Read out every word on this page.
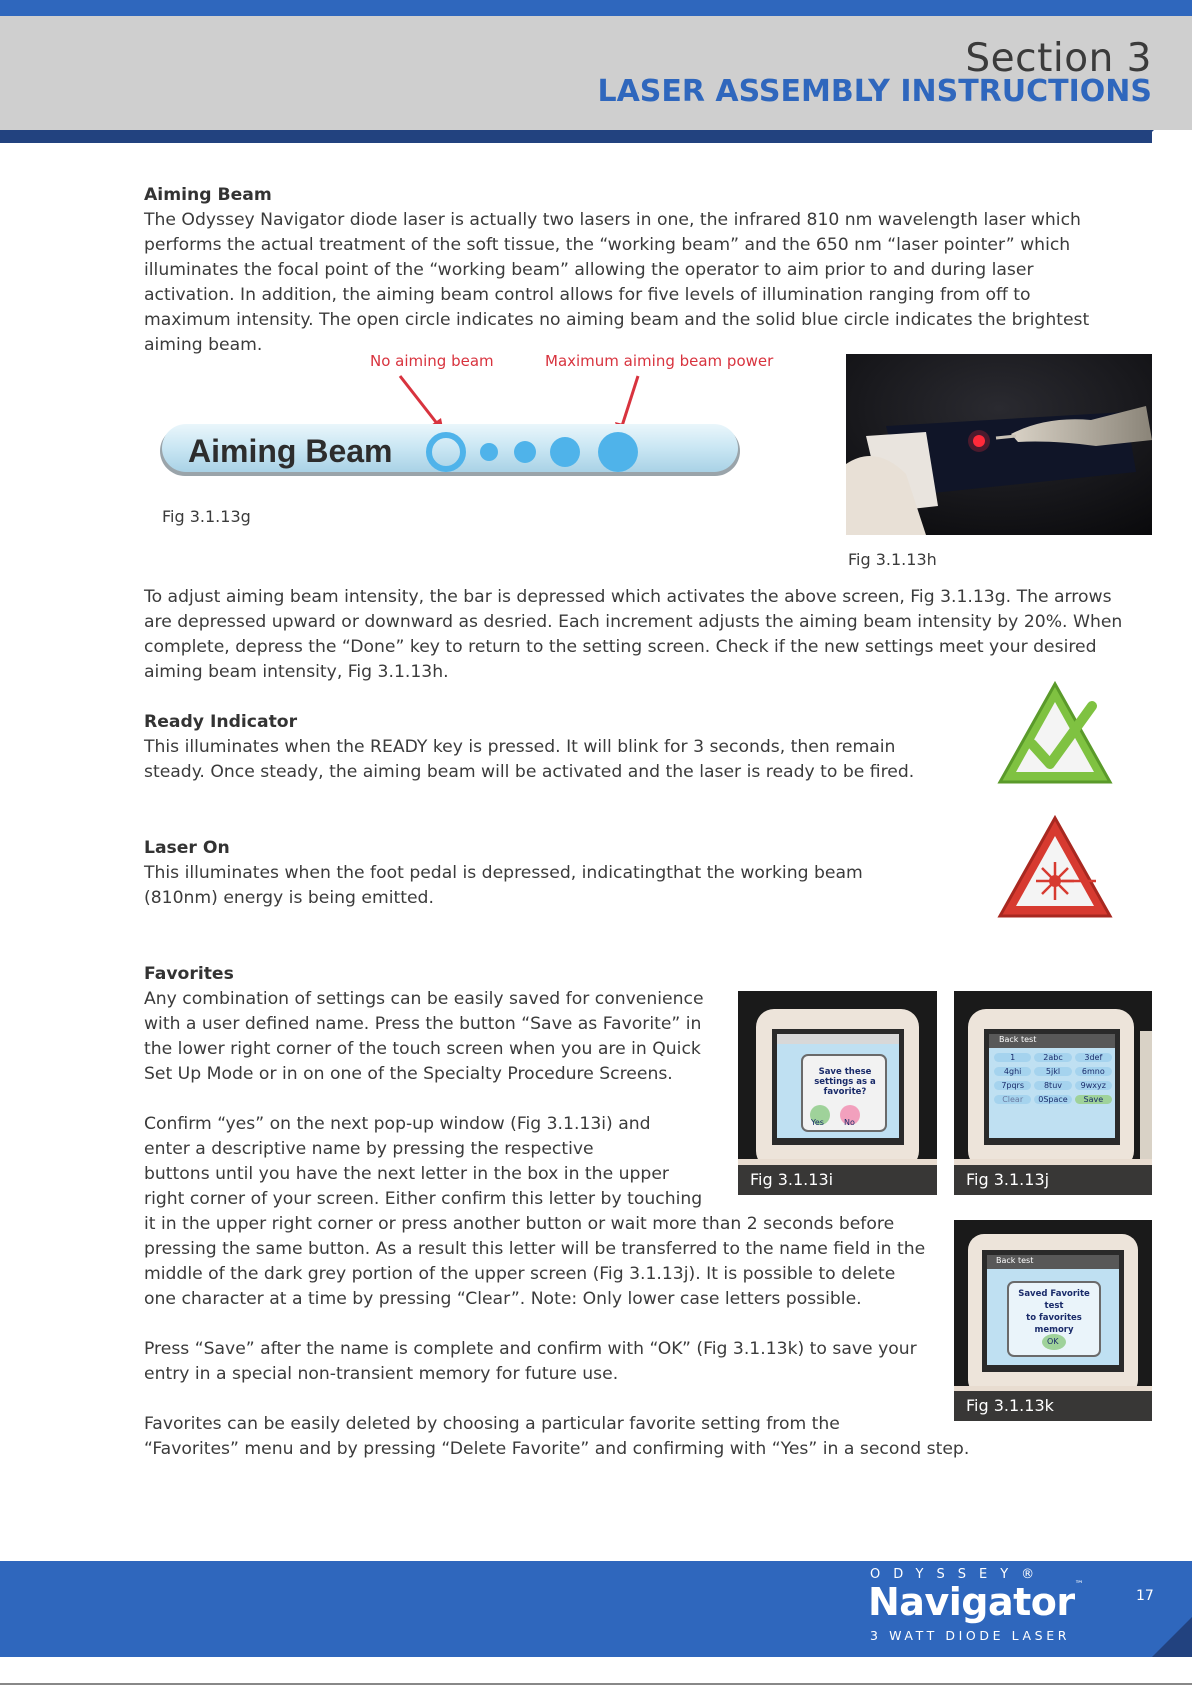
Section 3
LASER ASSEMBLY INSTRUCTIONS
Aiming Beam
The Odyssey Navigator diode laser is actually two lasers in one, the infrared 810 nm wavelength laser which
performs the actual treatment of the soft tissue, the “working beam” and the 650 nm “laser pointer” which
illuminates the focal point of the “working beam” allowing the operator to aim prior to and during laser
activation. In addition, the aiming beam control allows for five levels of illumination ranging from off to
maximum intensity. The open circle indicates no aiming beam and the solid blue circle indicates the brightest
aiming beam.
No aiming beam	Maximum aiming beam power
Aiming Beam
Fig 3.1.13g
Fig 3.1.13h
To adjust aiming beam intensity, the bar is depressed which activates the above screen, Fig 3.1.13g. The arrows
are depressed upward or downward as desried. Each increment adjusts the aiming beam intensity by 20%. When
complete, depress the “Done” key to return to the setting screen. Check if the new settings meet your desired
aiming beam intensity, Fig 3.1.13h.
Ready Indicator
This illuminates when the READY key is pressed. It will blink for 3 seconds, then remain
steady. Once steady, the aiming beam will be activated and the laser is ready to be fired.
Laser On
This illuminates when the foot pedal is depressed, indicatingthat the working beam
(810nm) energy is being emitted.
Favorites
Any combination of settings can be easily saved for convenience
with a user defined name. Press the button “Save as Favorite” in
the lower right corner of the touch screen when you are in Quick
Set Up Mode or in on one of the Specialty Procedure Screens.
Confirm “yes” on the next pop-up window (Fig 3.1.13i) and
enter a descriptive name by pressing the respective
buttons until you have the next letter in the box in the upper
right corner of your screen. Either confirm this letter by touching
it in the upper right corner or press another button or wait more than 2 seconds before
pressing the same button. As a result this letter will be transferred to the name field in the
middle of the dark grey portion of the upper screen (Fig 3.1.13j). It is possible to delete
one character at a time by pressing “Clear”. Note: Only lower case letters possible.
Press “Save” after the name is complete and confirm with “OK” (Fig 3.1.13k) to save your
entry in a special non-transient memory for future use.
Favorites can be easily deleted by choosing a particular favorite setting from the
“Favorites” menu and by pressing “Delete Favorite” and confirming with “Yes” in a second step.
Save these settings as a favorite?
Yes	No
Fig 3.1.13i
Back test
1	2abc	3def
4ghi	5jkl	6mno
7pqrs	8tuv	9wxyz
Clear	0Space	Save
Fig 3.1.13j
Back test
Saved Favorite
test
to favorites memory
OK
Fig 3.1.13k
ODYSSEY®
Navigator™
3 WATT DIODE LASER
17
